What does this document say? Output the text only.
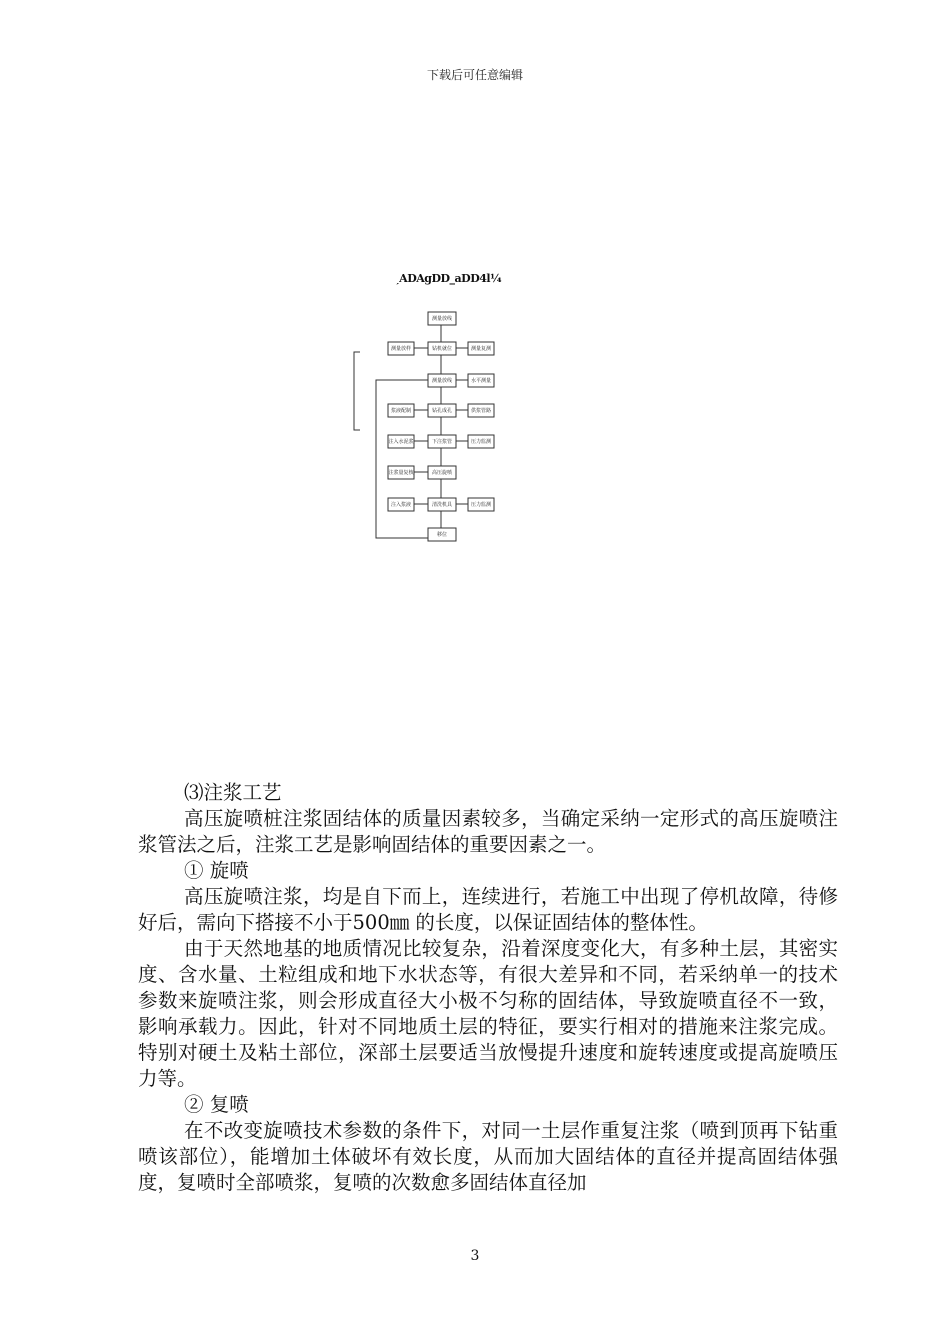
下载后可任意编辑
ˏADAgDD_aDD4l¼
测量放线
钻机就位
测量放线
钻孔成孔
下注浆管
高压旋喷
清洗机具
移位
测量放样
浆液配制
注入水泥浆
注浆量复核
注入浆液
测量复测
水平测量
供浆管路
压力监测
压力监测

⑶注浆工艺

高压旋喷桩注浆固结体的质量因素较多，当确定采纳一定形式的高压旋喷注浆管法之后，注浆工艺是影响固结体的重要因素之一。

① 旋喷

高压旋喷注浆，均是自下而上，连续进行，若施工中出现了停机故障，待修好后，需向下搭接不小于500㎜ 的长度，以保证固结体的整体性。

由于天然地基的地质情况比较复杂，沿着深度变化大，有多种土层，其密实度、含水量、土粒组成和地下水状态等，有很大差异和不同，若采纳单一的技术参数来旋喷注浆，则会形成直径大小极不匀称的固结体，导致旋喷直径不一致，影响承载力。因此，针对不同地质土层的特征，要实行相对的措施来注浆完成。特别对硬土及粘土部位，深部土层要适当放慢提升速度和旋转速度或提高旋喷压力等。

② 复喷

在不改变旋喷技术参数的条件下，对同一土层作重复注浆（喷到顶再下钻重喷该部位），能增加土体破坏有效长度，从而加大固结体的直径并提高固结体强度，复喷时全部喷浆，复喷的次数愈多固结体直径加

3
